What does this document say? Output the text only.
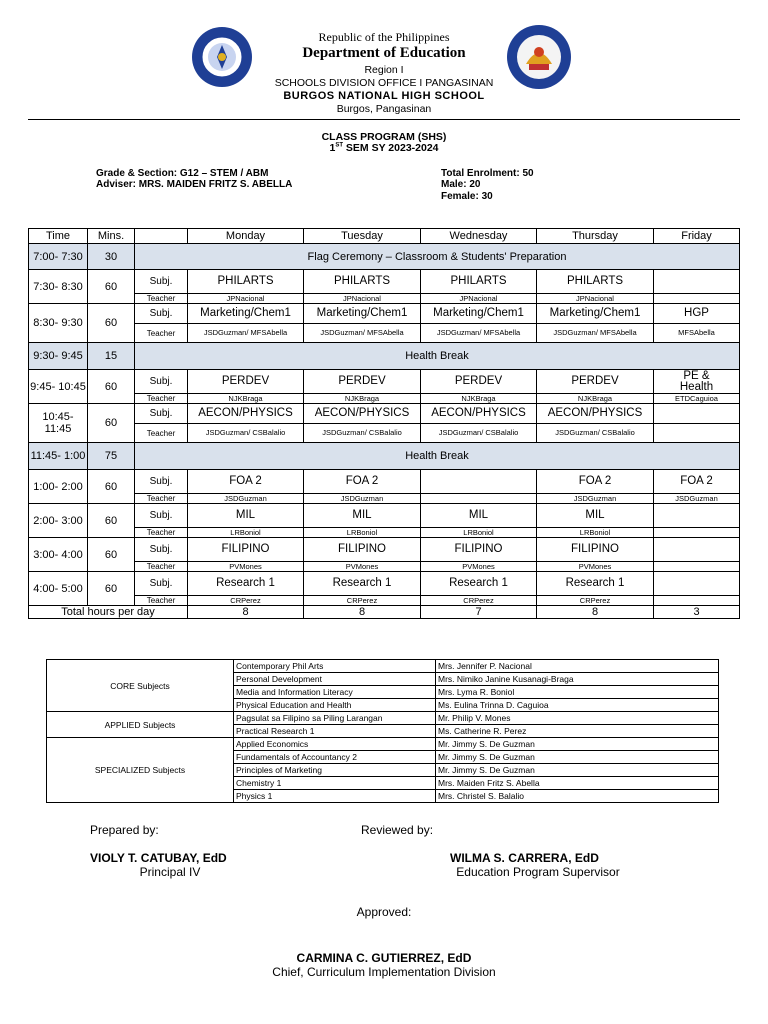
Republic of the Philippines
Department of Education
Region I
SCHOOLS DIVISION OFFICE I PANGASINAN
BURGOS NATIONAL HIGH SCHOOL
Burgos, Pangasinan
CLASS PROGRAM (SHS)
1ST SEM SY 2023-2024
Grade & Section: G12 – STEM / ABM
Adviser: MRS. MAIDEN FRITZ S. ABELLA
Total Enrolment: 50
Male: 20
Female: 30
Time	Mins.		Monday	Tuesday	Wednesday	Thursday	Friday
7:00- 7:30	30	Flag Ceremony – Classroom & Students' Preparation					
7:30- 8:30	60	Subj.	PHILARTS	PHILARTS	PHILARTS	PHILARTS	
		Teacher	JPNacional	JPNacional	JPNacional	JPNacional	
8:30- 9:30	60	Subj.	Marketing/Chem1	Marketing/Chem1	Marketing/Chem1	Marketing/Chem1	HGP
		Teacher	JSDGuzman/ MFSAbella	JSDGuzman/ MFSAbella	JSDGuzman/ MFSAbella	JSDGuzman/ MFSAbella	MFSAbella
9:30- 9:45	15	Health Break					
9:45- 10:45	60	Subj.	PERDEV	PERDEV	PERDEV	PERDEV	PE &
Health
		Teacher	NJKBraga	NJKBraga	NJKBraga	NJKBraga	ETDCaguioa
10:45- 11:45	60	Subj.	AECON/PHYSICS	AECON/PHYSICS	AECON/PHYSICS	AECON/PHYSICS	
		Teacher	JSDGuzman/ CSBalalio	JSDGuzman/ CSBalalio	JSDGuzman/ CSBalalio	JSDGuzman/ CSBalalio	
11:45- 1:00	75	Health Break					
1:00- 2:00	60	Subj.	FOA 2	FOA 2		FOA 2	FOA 2
		Teacher	JSDGuzman	JSDGuzman		JSDGuzman	JSDGuzman
2:00- 3:00	60	Subj.	MIL	MIL	MIL	MIL	
		Teacher	LRBoniol	LRBoniol	LRBoniol	LRBoniol	
3:00- 4:00	60	Subj.	FILIPINO	FILIPINO	FILIPINO	FILIPINO	
		Teacher	PVMones	PVMones	PVMones	PVMones	
4:00- 5:00	60	Subj.	Research 1	Research 1	Research 1	Research 1	
		Teacher	CRPerez	CRPerez	CRPerez	CRPerez	
Total hours per day			8	8	7	8	3
CORE Subjects	Contemporary Phil Arts	Mrs. Jennifer P. Nacional
	Personal Development	Mrs. Nimiko Janine Kusanagi-Braga
	Media and Information Literacy	Mrs. Lyma R. Boniol
	Physical Education and Health	Ms. Eulina Trinna D. Caguioa
APPLIED Subjects	Pagsulat sa Filipino sa Piling Larangan	Mr. Philip V. Mones
	Practical Research 1	Ms. Catherine R. Perez
SPECIALIZED Subjects	Applied Economics	Mr. Jimmy S. De Guzman
	Fundamentals of Accountancy 2	Mr. Jimmy S. De Guzman
	Principles of Marketing	Mr. Jimmy S. De Guzman
	Chemistry 1	Mrs. Maiden Fritz S. Abella
	Physics 1	Mrs. Christel S. Balalio
Prepared by:	Reviewed by:
VIOLY T. CATUBAY, EdD
Principal IV
WILMA S. CARRERA, EdD
Education Program Supervisor
Approved:
CARMINA C. GUTIERREZ, EdD
Chief, Curriculum Implementation Division
